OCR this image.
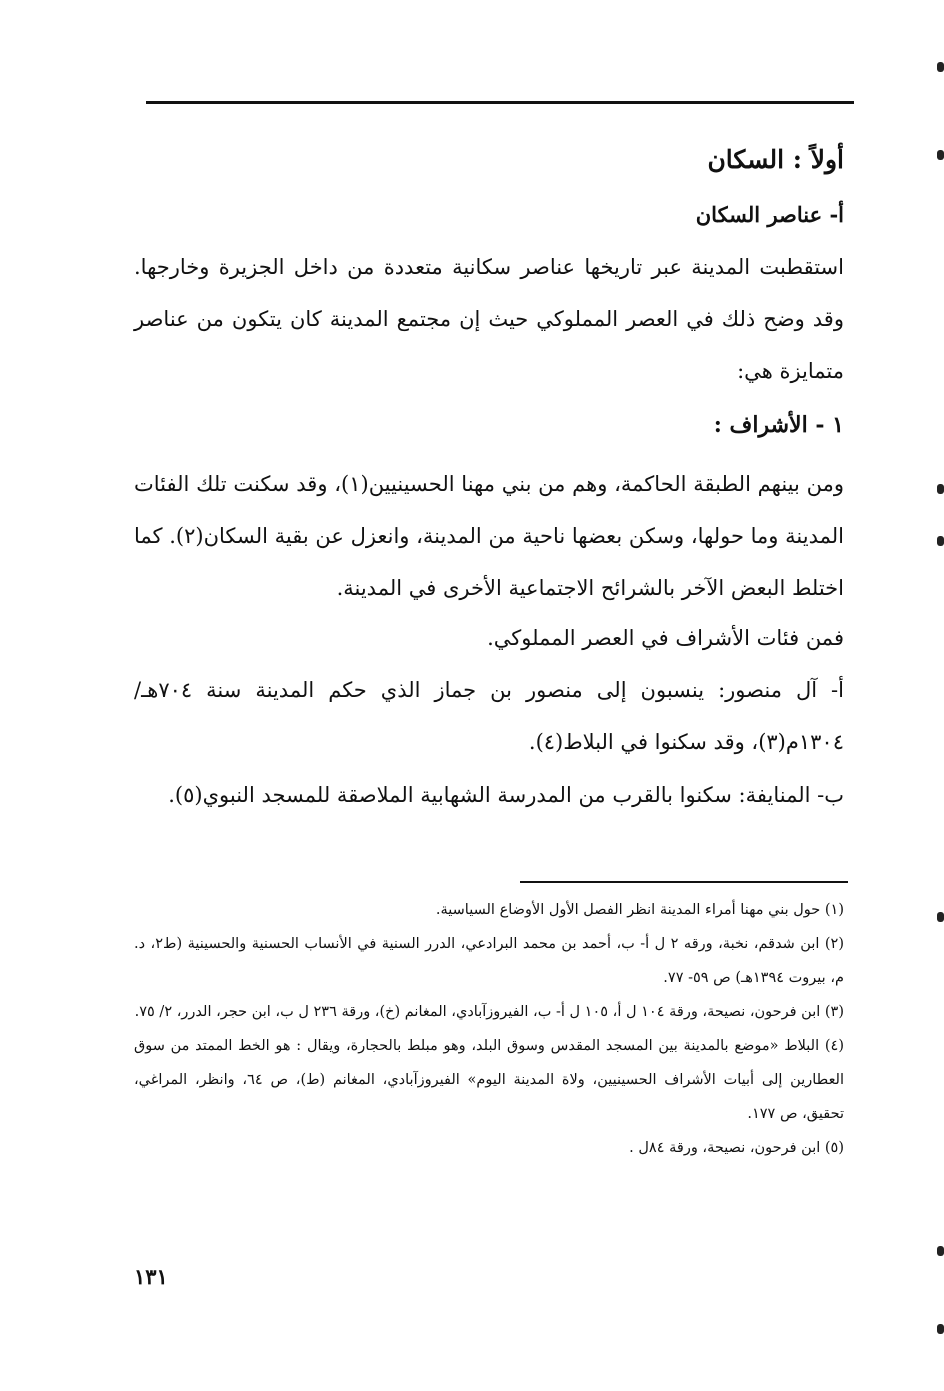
أولاً : السكان
أ- عناصر السكان
استقطبت المدينة عبر تاريخها عناصر سكانية متعددة من داخل الجزيرة وخارجها. وقد وضح ذلك في العصر المملوكي حيث إن مجتمع المدينة كان يتكون من عناصر متمايزة هي:
١ - الأشراف :
ومن بينهم الطبقة الحاكمة، وهم من بني مهنا الحسينيين(١)، وقد سكنت تلك الفئات المدينة وما حولها، وسكن بعضها ناحية من المدينة، وانعزل عن بقية السكان(٢). كما اختلط البعض الآخر بالشرائح الاجتماعية الأخرى في المدينة.
فمن فئات الأشراف في العصر المملوكي.
أ- آل منصور: ينسبون إلى منصور بن جماز الذي حكم المدينة سنة ٧٠٤هـ/ ١٣٠٤م(٣)، وقد سكنوا في البلاط(٤).
ب- المنايفة: سكنوا بالقرب من المدرسة الشهابية الملاصقة للمسجد النبوي(٥).

(١) حول بني مهنا أمراء المدينة انظر الفصل الأول الأوضاع السياسية.

(٢) ابن شدقم، نخبة، ورقه ٢ ل أ- ب، أحمد بن محمد البرادعي، الدرر السنية في الأنساب الحسنية والحسينية (ط٢، د. م، بيروت ١٣٩٤هـ) ص ٥٩- ٧٧.

(٣) ابن فرحون، نصيحة، ورقة ١٠٤ ل أ، ١٠٥ ل أ- ب، الفيروزآبادي، المغانم (خ)، ورقة ٢٣٦ ل ب، ابن حجر، الدرر، ٢/ ٧٥.

(٤) البلاط «موضع بالمدينة بين المسجد المقدس وسوق البلد، وهو مبلط بالحجارة، ويقال : هو الخط الممتد من سوق العطارين إلى أبيات الأشراف الحسينيين، ولاة المدينة اليوم» الفيروزآبادي، المغانم (ط)، ص ٦٤، وانظر، المراغي، تحقيق، ص ١٧٧.

(٥) ابن فرحون، نصيحة، ورقة ٨٤ل .

١٣١
